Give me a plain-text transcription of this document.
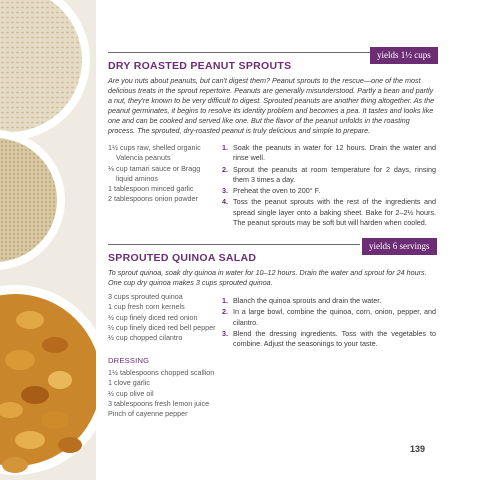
yields 1½ cups
DRY ROASTED PEANUT SPROUTS

Are you nuts about peanuts, but can't digest them? Peanut sprouts to the rescue—one of the most delicious treats in the sprout repertoire. Peanuts are generally misunderstood. Partly a bean and partly a nut, they're known to be very difficult to digest. Sprouted peanuts are another thing altogether. As the peanut germinates, it begins to resolve its identity problem and becomes a pea. It tastes and looks like one and can be cooked and served like one. But the flavor of the peanut unfolds in the roasting process. The sprouted, dry-roasted peanut is truly delicious and simple to prepare.

1½ cups raw, shelled organic Valencia peanuts
⅛ cup tamari sauce or Bragg liquid aminos
1 tablespoon minced garlic
2 tablespoons onion powder
1. Soak the peanuts in water for 12 hours. Drain the water and rinse well.
2. Sprout the peanuts at room temperature for 2 days, rinsing them 3 times a day.
3. Preheat the oven to 200° F.
4. Toss the peanut sprouts with the rest of the ingredients and spread single layer onto a baking sheet. Bake for 2–2½ hours. The peanut sprouts may be soft but will harden when cooled.
yields 6 servings
SPROUTED QUINOA SALAD

To sprout quinoa, soak dry quinoa in water for 10–12 hours. Drain the water and sprout for 24 hours. One cup dry quinoa makes 3 cups sprouted quinoa.

3 cups sprouted quinoa
1 cup fresh corn kernels
½ cup finely diced red onion
½ cup finely diced red bell pepper
½ cup chopped cilantro
1. Blanch the quinoa sprouts and drain the water.
2. In a large bowl, combine the quinoa, corn, onion, pepper, and cilantro.
3. Blend the dressing ingredients. Toss with the vegetables to combine. Adjust the seasonings to your taste.
DRESSING
1½ tablespoons chopped scallion
1 clove garlic
½ cup olive oil
3 tablespoons fresh lemon juice
Pinch of cayenne pepper
139
